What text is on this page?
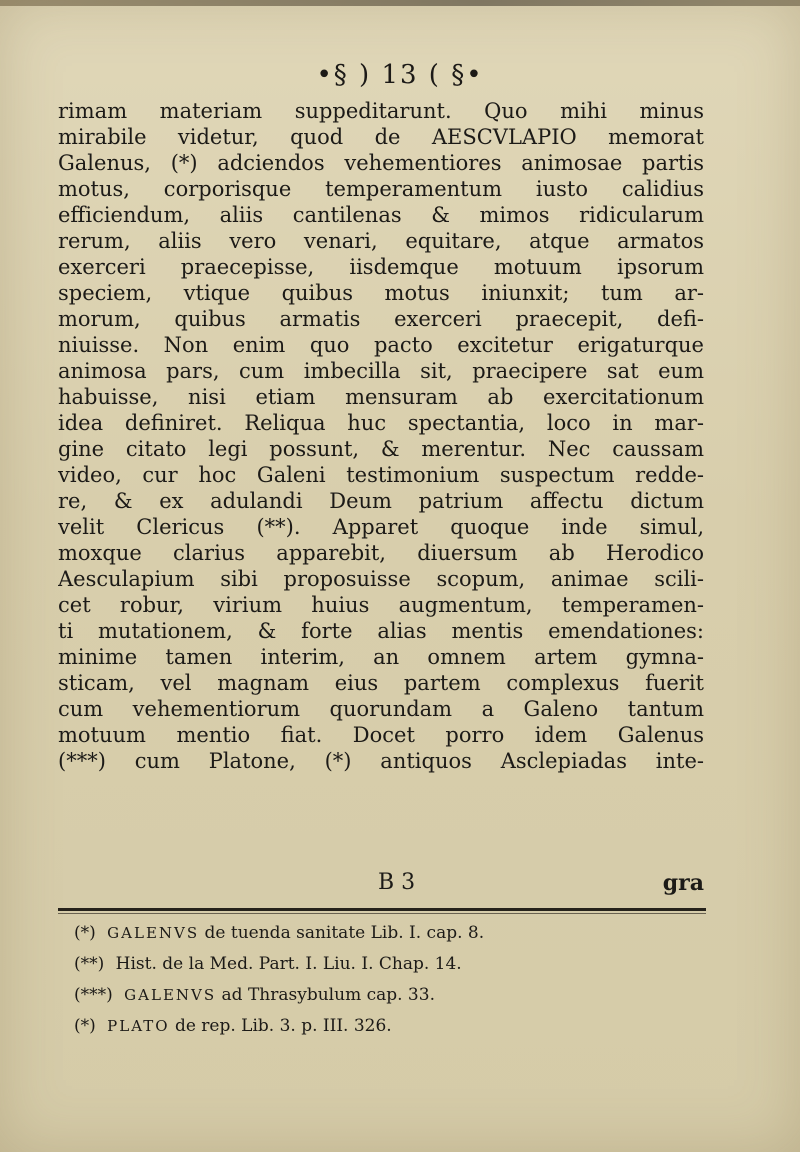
•§ ) 13 ( §•
rimam materiam suppeditarunt. Quo mihi minus
mirabile videtur, quod de AESCVLAPIO memorat
Galenus, (*) adciendos vehementiores animosae partis
motus, corporisque temperamentum iusto calidius
efficiendum, aliis cantilenas & mimos ridicularum
rerum, aliis vero venari, equitare, atque armatos
exerceri praecepisse, iisdemque motuum ipsorum
speciem, vtique quibus motus iniunxit; tum ar-
morum, quibus armatis exerceri praecepit, defi-
niuisse. Non enim quo pacto excitetur erigaturque
animosa pars, cum imbecilla sit, praecipere sat eum
habuisse, nisi etiam mensuram ab exercitationum
idea definiret. Reliqua huc spectantia, loco in mar-
gine citato legi possunt, & merentur. Nec caussam
video, cur hoc Galeni testimonium suspectum redde-
re, & ex adulandi Deum patrium affectu dictum
velit Clericus (**). Apparet quoque inde simul,
moxque clarius apparebit, diuersum ab Herodico
Aesculapium sibi proposuisse scopum, animae scili-
cet robur, virium huius augmentum, temperamen-
ti mutationem, & forte alias mentis emendationes:
minime tamen interim, an omnem artem gymna-
sticam, vel magnam eius partem complexus fuerit
cum vehementiorum quorundam a Galeno tantum
motuum mentio fiat. Docet porro idem Galenus
(***) cum Platone, (*) antiquos Asclepiadas inte-
B 3	gra
(*) GALENVS de tuenda sanitate Lib. I. cap. 8.
(**) Hist. de la Med. Part. I. Liu. I. Chap. 14.
(***) GALENVS ad Thrasybulum cap. 33.
(*) PLATO de rep. Lib. 3. p. III. 326.
